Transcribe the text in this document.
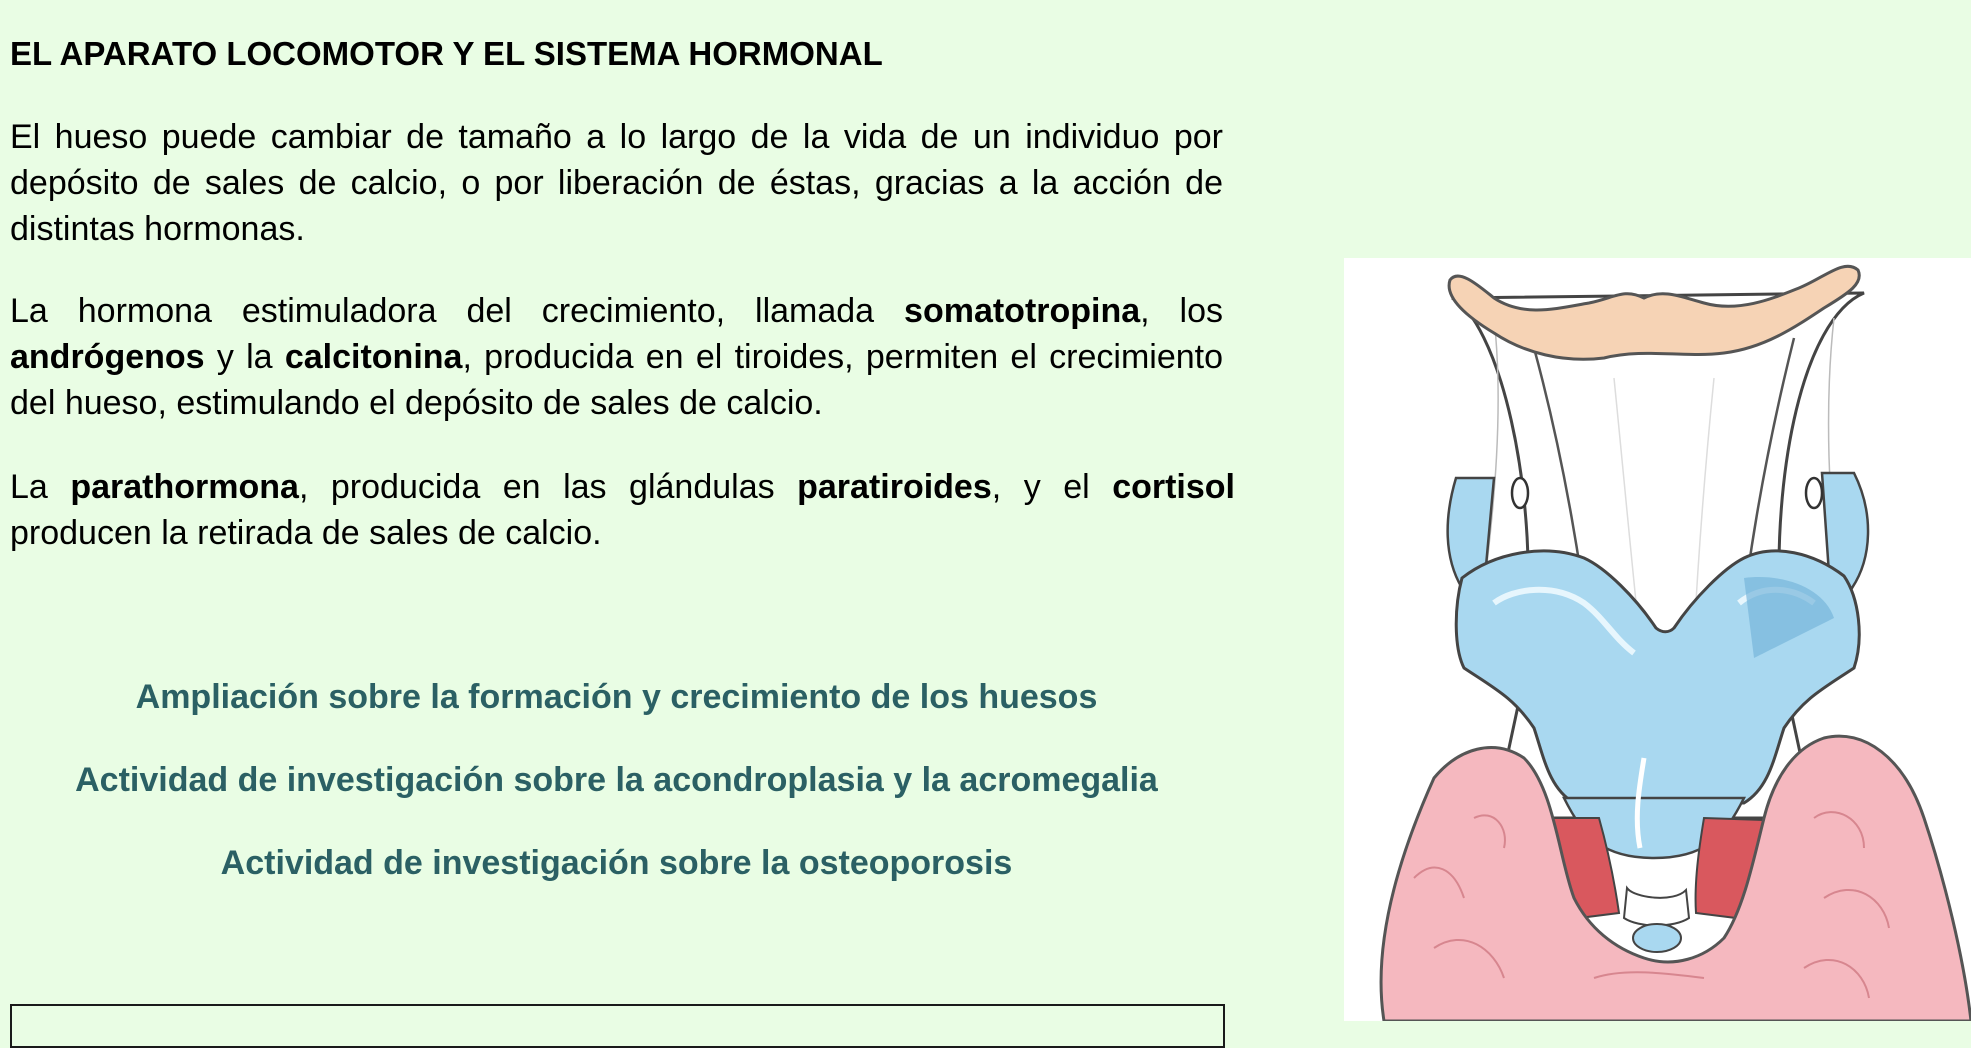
EL APARATO LOCOMOTOR Y EL SISTEMA HORMONAL

El hueso puede cambiar de tamaño a lo largo de la vida de un individuo por depósito de sales de calcio, o por liberación de éstas, gracias a la acción de distintas hormonas.

La hormona estimuladora del crecimiento, llamada somatotropina, los andrógenos y la calcitonina, producida en el tiroides, permiten el crecimiento del hueso, estimulando el depósito de sales de calcio.

La parathormona, producida en las glándulas paratiroides, y el cortisol producen la retirada de sales de calcio.

Ampliación sobre la formación y crecimiento de los huesos
Actividad de investigación sobre la acondroplasia y la acromegalia
Actividad de investigación sobre la osteoporosis
